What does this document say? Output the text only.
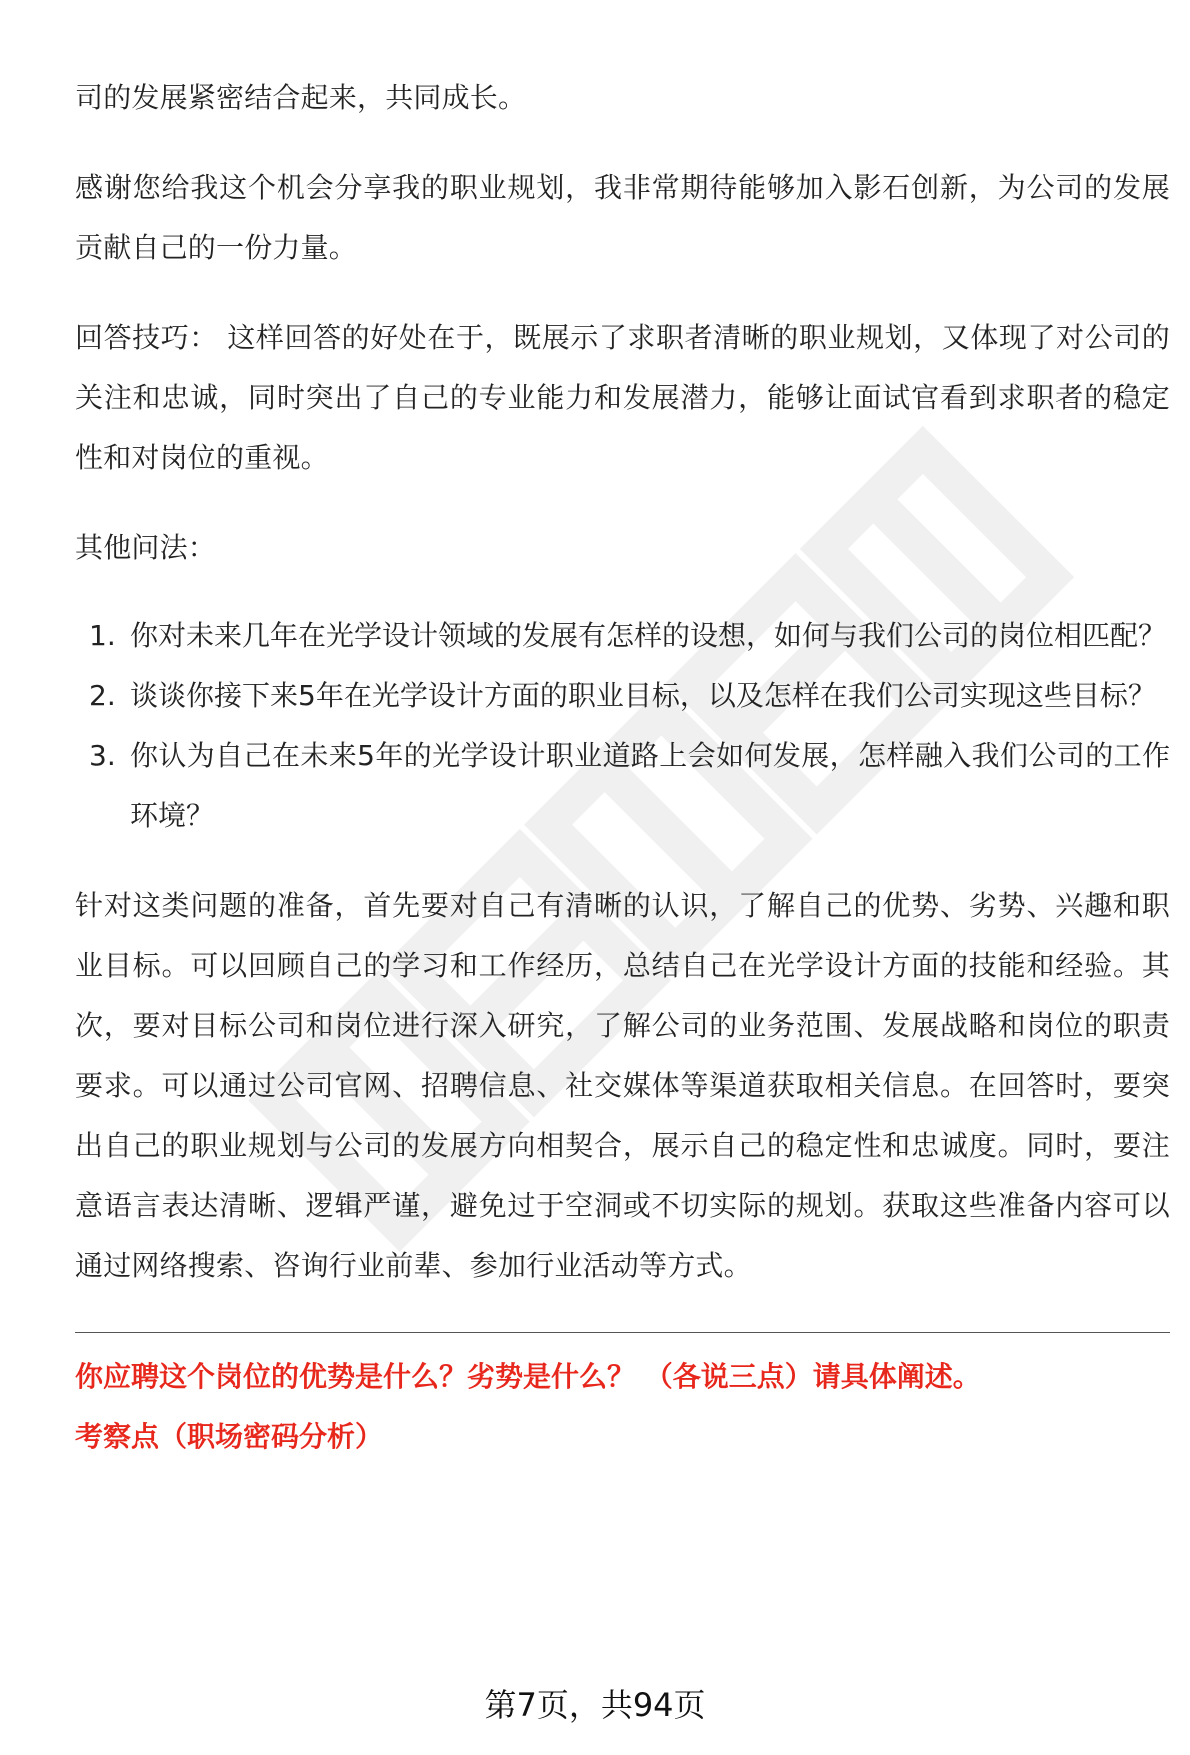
司的发展紧密结合起来，共同成长。

感谢您给我这个机会分享我的职业规划，我非常期待能够加入影石创新，为公司的发展贡献自己的一份力量。

回答技巧： 这样回答的好处在于，既展示了求职者清晰的职业规划，又体现了对公司的关注和忠诚，同时突出了自己的专业能力和发展潜力，能够让面试官看到求职者的稳定性和对岗位的重视。

其他问法：

1. 你对未来几年在光学设计领域的发展有怎样的设想，如何与我们公司的岗位相匹配？
2. 谈谈你接下来5年在光学设计方面的职业目标，以及怎样在我们公司实现这些目标？
3. 你认为自己在未来5年的光学设计职业道路上会如何发展，怎样融入我们公司的工作环境？

针对这类问题的准备，首先要对自己有清晰的认识，了解自己的优势、劣势、兴趣和职业目标。可以回顾自己的学习和工作经历，总结自己在光学设计方面的技能和经验。其次，要对目标公司和岗位进行深入研究，了解公司的业务范围、发展战略和岗位的职责要求。可以通过公司官网、招聘信息、社交媒体等渠道获取相关信息。在回答时，要突出自己的职业规划与公司的发展方向相契合，展示自己的稳定性和忠诚度。同时，要注意语言表达清晰、逻辑严谨，避免过于空洞或不切实际的规划。获取这些准备内容可以通过网络搜索、咨询行业前辈、参加行业活动等方式。

你应聘这个岗位的优势是什么？劣势是什么？ （各说三点）请具体阐述。

考察点（职场密码分析）

第7页，共94页
